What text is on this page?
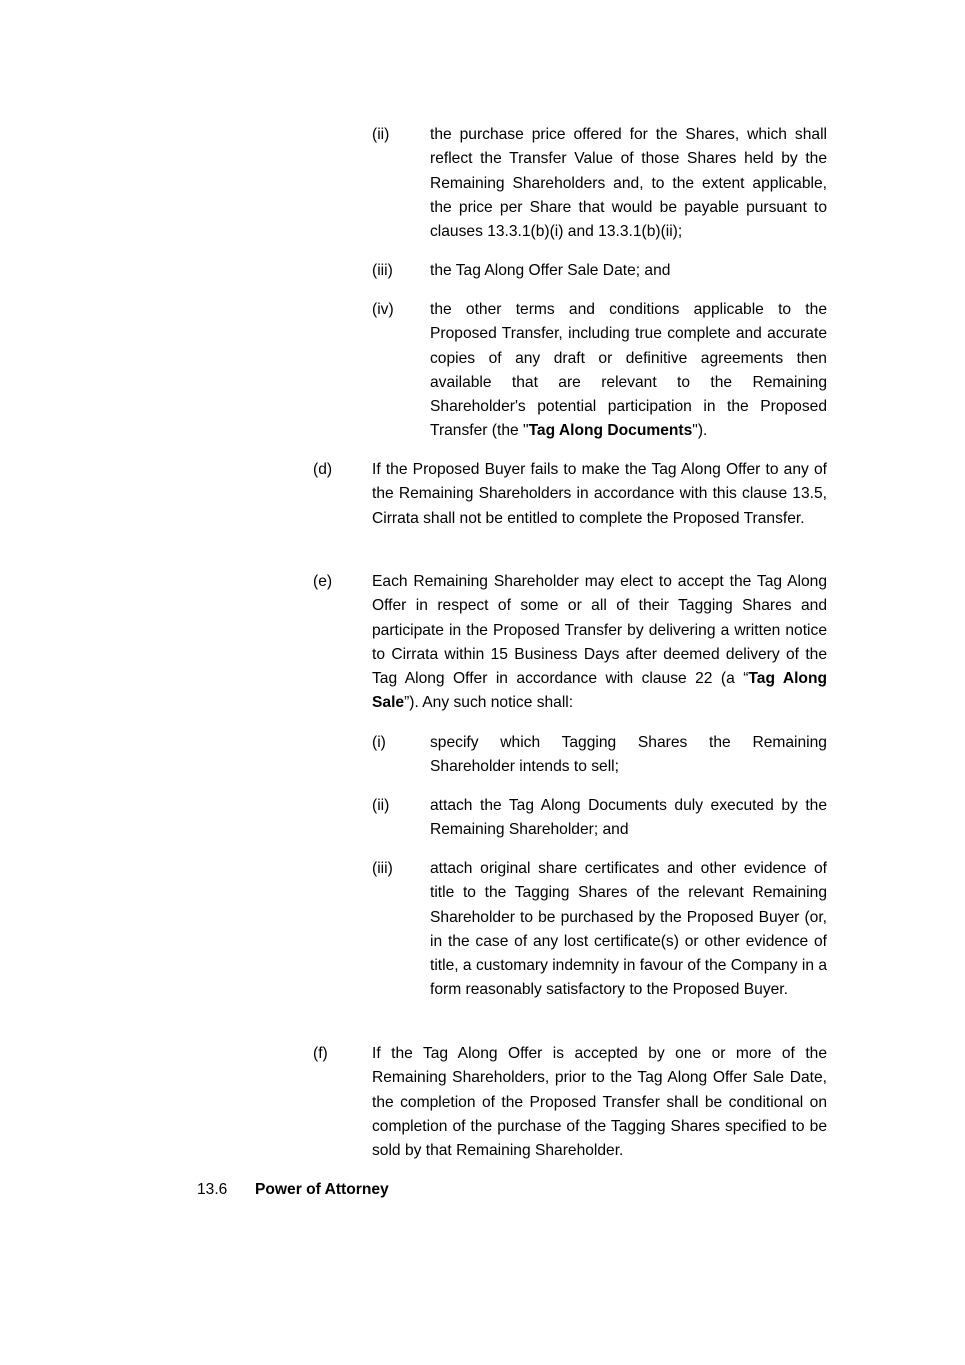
(ii)	the purchase price offered for the Shares, which shall reflect the Transfer Value of those Shares held by the Remaining Shareholders and, to the extent applicable, the price per Share that would be payable pursuant to clauses 13.3.1(b)(i) and 13.3.1(b)(ii);
(iii) the Tag Along Offer Sale Date; and
(iv) the other terms and conditions applicable to the Proposed Transfer, including true complete and accurate copies of any draft or definitive agreements then available that are relevant to the Remaining Shareholder's potential participation in the Proposed Transfer (the "Tag Along Documents").
(d)	If the Proposed Buyer fails to make the Tag Along Offer to any of the Remaining Shareholders in accordance with this clause 13.5, Cirrata shall not be entitled to complete the Proposed Transfer.
(e)	Each Remaining Shareholder may elect to accept the Tag Along Offer in respect of some or all of their Tagging Shares and participate in the Proposed Transfer by delivering a written notice to Cirrata within 15 Business Days after deemed delivery of the Tag Along Offer in accordance with clause 22 (a “Tag Along Sale”). Any such notice shall:
(i)	specify which Tagging Shares the Remaining Shareholder intends to sell;
(ii)	attach the Tag Along Documents duly executed by the Remaining Shareholder; and
(iii) attach original share certificates and other evidence of title to the Tagging Shares of the relevant Remaining Shareholder to be purchased by the Proposed Buyer (or, in the case of any lost certificate(s) or other evidence of title, a customary indemnity in favour of the Company in a form reasonably satisfactory to the Proposed Buyer.
(f)	If the Tag Along Offer is accepted by one or more of the Remaining Shareholders, prior to the Tag Along Offer Sale Date, the completion of the Proposed Transfer shall be conditional on completion of the purchase of the Tagging Shares specified to be sold by that Remaining Shareholder.
13.6 Power of Attorney
